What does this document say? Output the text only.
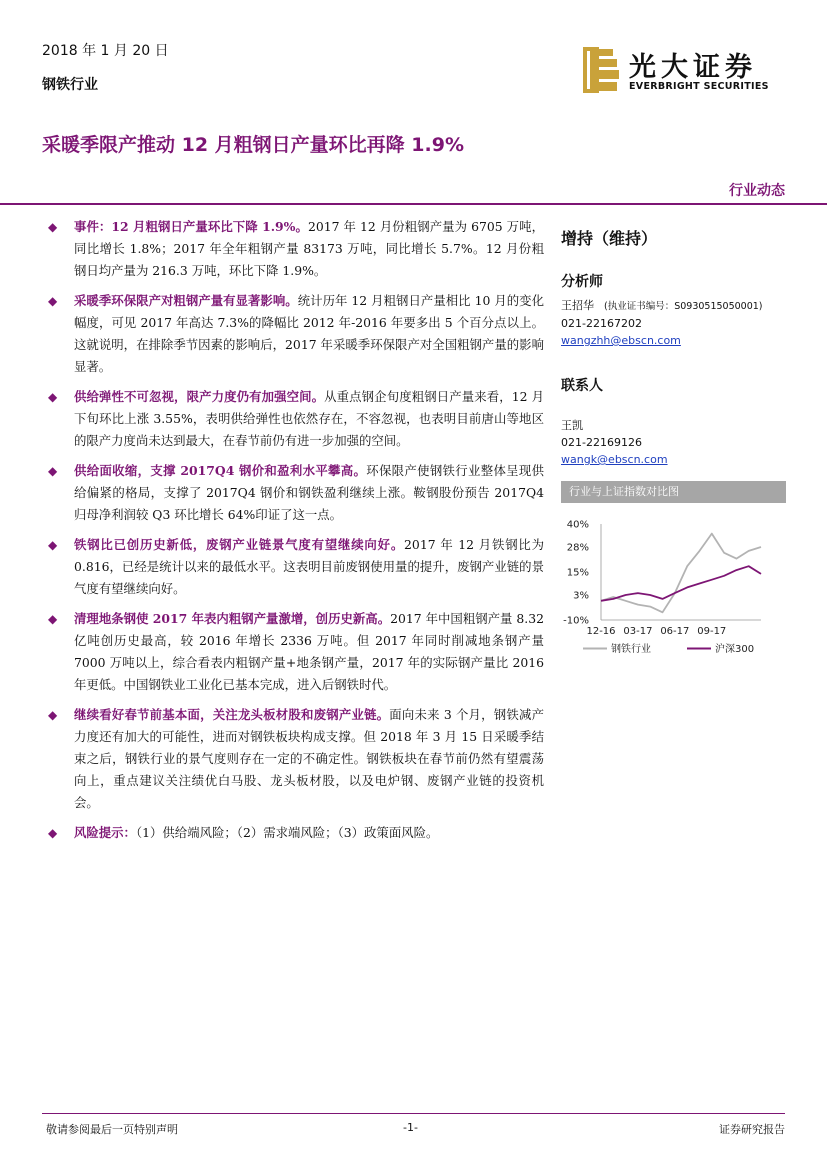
2018 年 1 月 20 日
钢铁行业
光大证券
EVERBRIGHT SECURITIES
采暖季限产推动 12 月粗钢日产量环比再降 1.9%
行业动态
◆ 事件：12 月粗钢日产量环比下降 1.9%。2017 年 12 月份粗钢产量为 6705 万吨，同比增长 1.8%；2017 年全年粗钢产量 83173 万吨，同比增长 5.7%。12 月份粗钢日均产量为 216.3 万吨，环比下降 1.9%。
◆ 采暖季环保限产对粗钢产量有显著影响。统计历年 12 月粗钢日产量相比 10 月的变化幅度，可见 2017 年高达 7.3%的降幅比 2012 年-2016 年要多出 5 个百分点以上。这就说明，在排除季节因素的影响后，2017 年采暖季环保限产对全国粗钢产量的影响显著。
◆ 供给弹性不可忽视，限产力度仍有加强空间。从重点钢企旬度粗钢日产量来看，12 月下旬环比上涨 3.55%，表明供给弹性也依然存在，不容忽视，也表明目前唐山等地区的限产力度尚未达到最大，在春节前仍有进一步加强的空间。
◆ 供给面收缩，支撑 2017Q4 钢价和盈利水平攀高。环保限产使钢铁行业整体呈现供给偏紧的格局，支撑了 2017Q4 钢价和钢铁盈利继续上涨。鞍钢股份预告 2017Q4 归母净利润较 Q3 环比增长 64%印证了这一点。
◆ 铁钢比已创历史新低，废钢产业链景气度有望继续向好。2017 年 12 月铁钢比为 0.816，已经是统计以来的最低水平。这表明目前废钢使用量的提升，废钢产业链的景气度有望继续向好。
◆ 清理地条钢使 2017 年表内粗钢产量激增，创历史新高。2017 年中国粗钢产量 8.32 亿吨创历史最高，较 2016 年增长 2336 万吨。但 2017 年同时削减地条钢产量 7000 万吨以上，综合看表内粗钢产量+地条钢产量，2017 年的实际钢产量比 2016 年更低。中国钢铁业工业化已基本完成，进入后钢铁时代。
◆ 继续看好春节前基本面，关注龙头板材股和废钢产业链。面向未来 3 个月，钢铁减产力度还有加大的可能性，进而对钢铁板块构成支撑。但 2018 年 3 月 15 日采暖季结束之后，钢铁行业的景气度则存在一定的不确定性。钢铁板块在春节前仍然有望震荡向上，重点建议关注绩优白马股、龙头板材股，以及电炉钢、废钢产业链的投资机会。
◆ 风险提示：（1）供给端风险；（2）需求端风险；（3）政策面风险。
增持（维持）
分析师
王招华 (执业证书编号：S0930515050001)
021-22167202
wangzhh@ebscn.com
联系人
王凯
021-22169126
wangk@ebscn.com
行业与上证指数对比图
40%
28%
15%
3%
-10%
12-16 03-17 06-17 09-17
钢铁行业	沪深300
敬请参阅最后一页特别声明	-1-	证券研究报告
